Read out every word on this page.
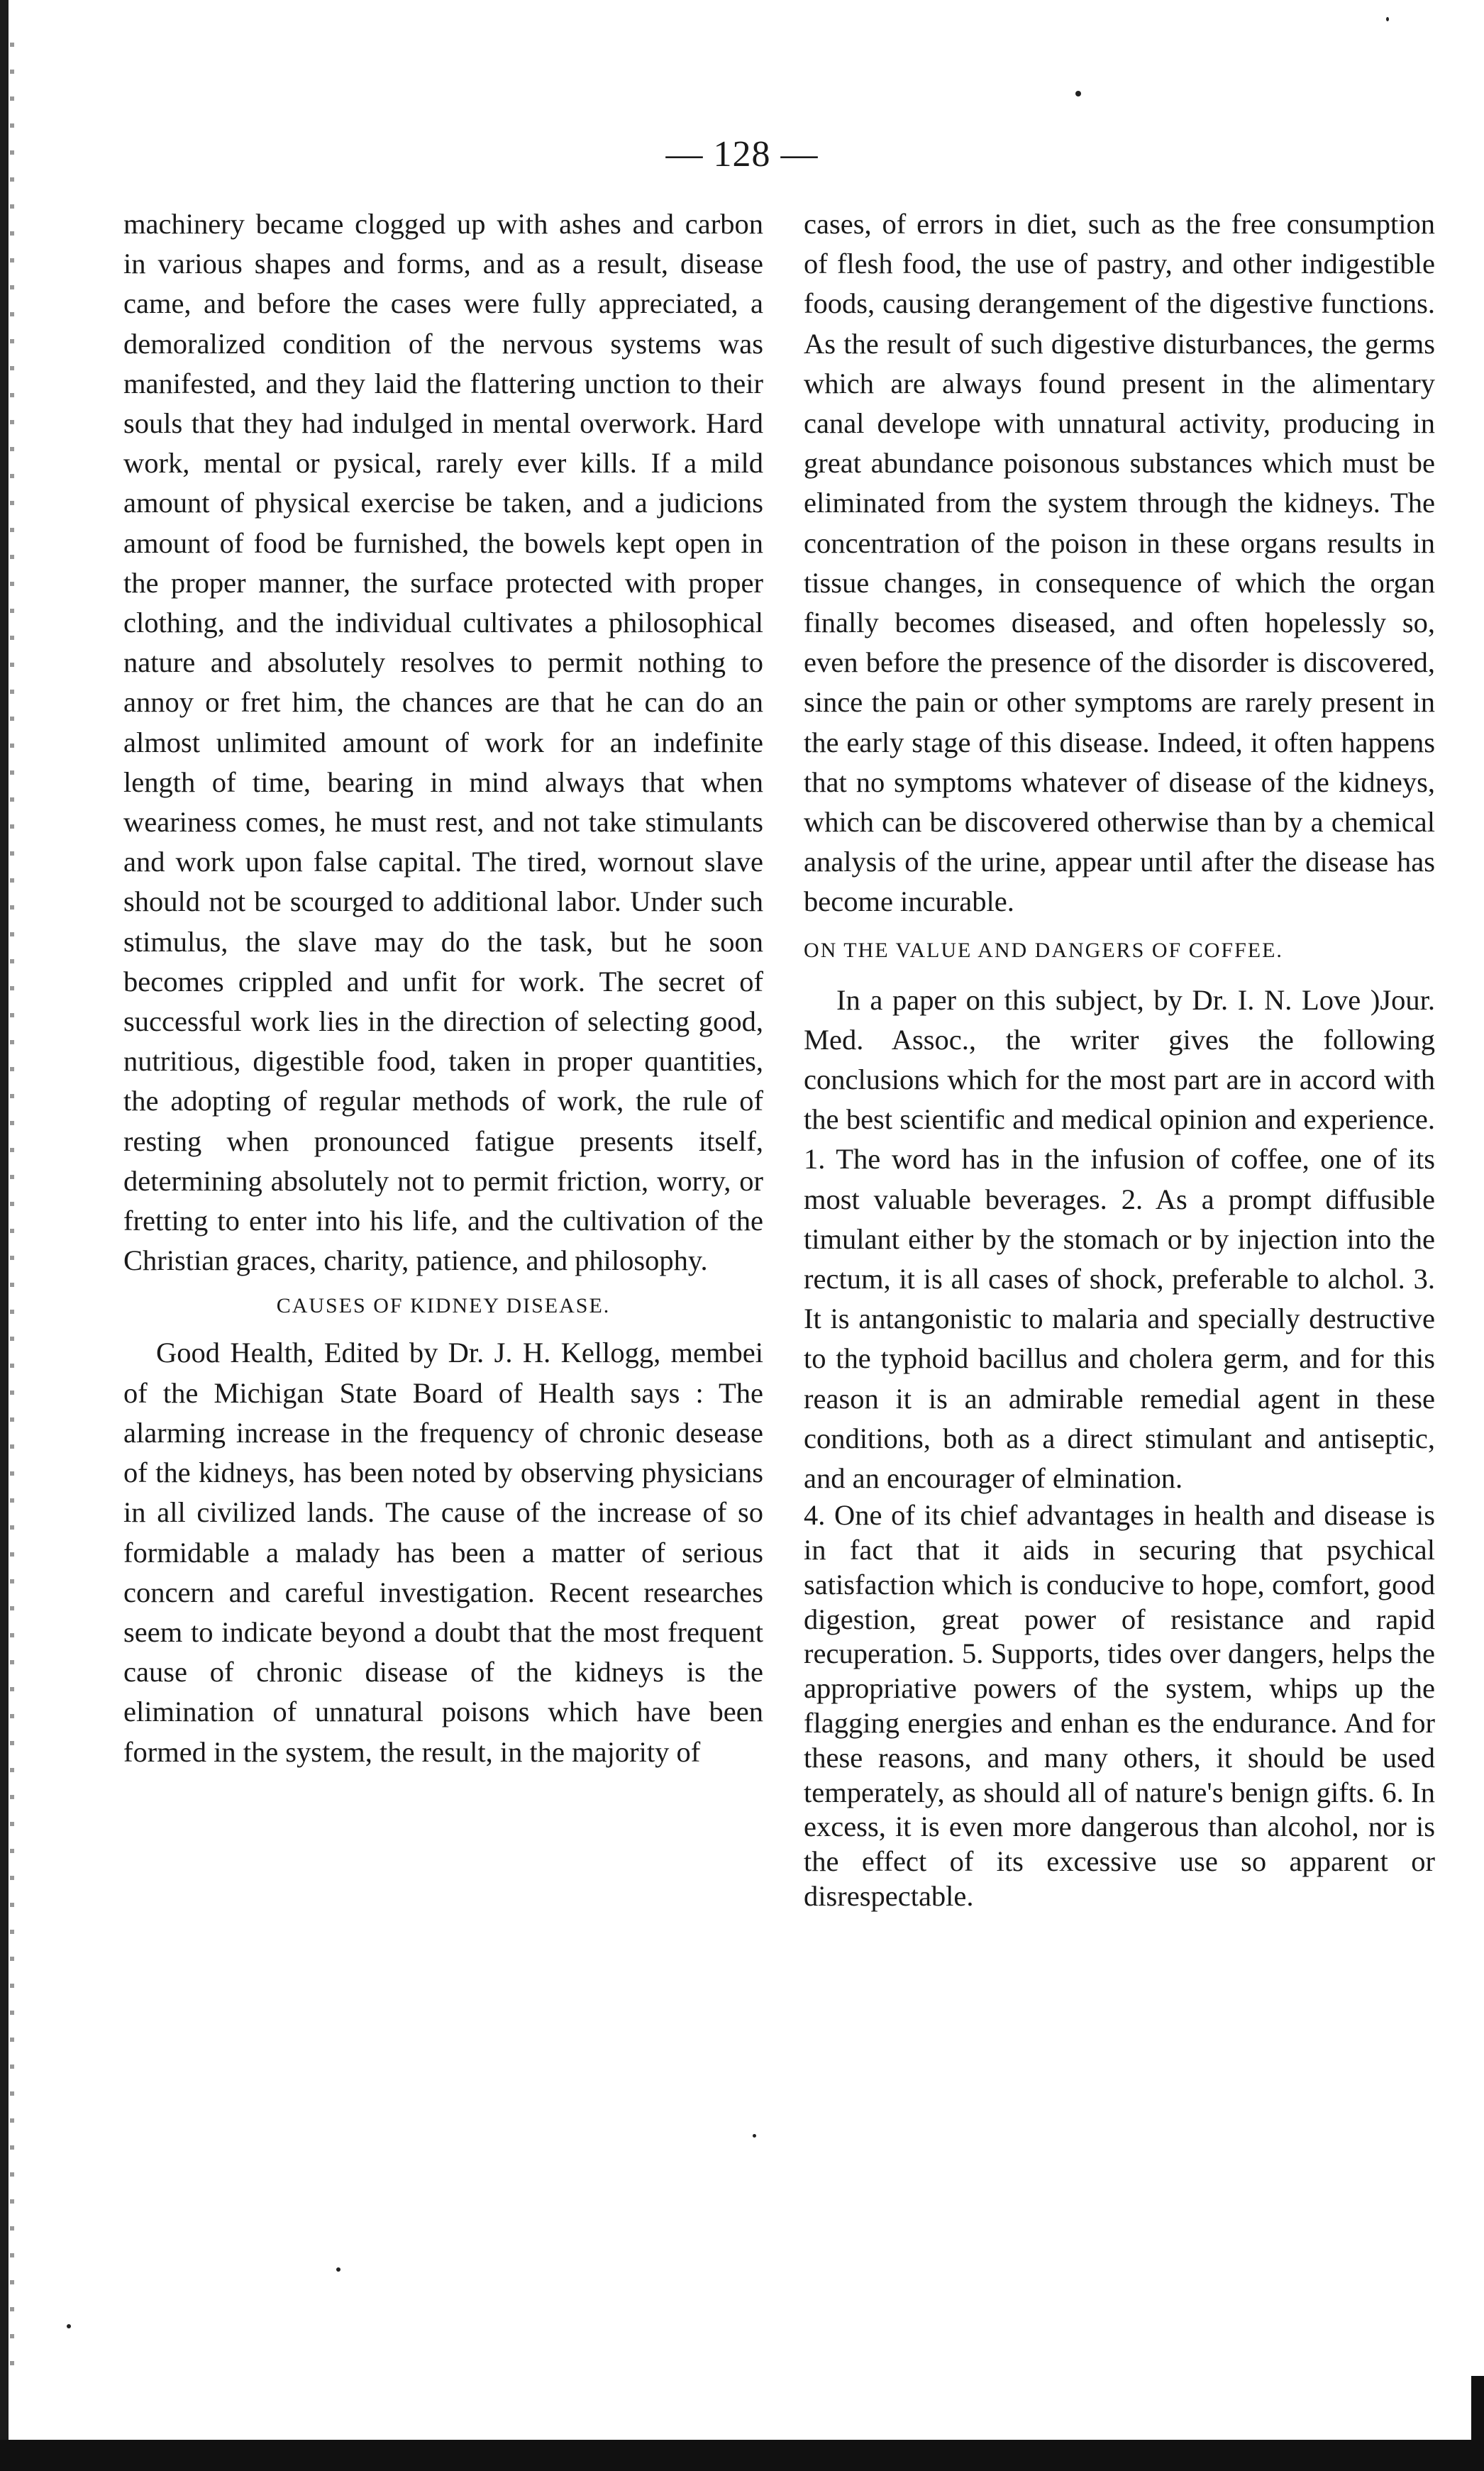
— 128 —

machinery became clogged up with ashes and carbon in various shapes and forms, and as a result, disease came, and before the cases were fully appreciated, a demoralized condition of the nervous systems was manifested, and they laid the flattering unction to their souls that they had indulged in mental overwork. Hard work, mental or pysical, rarely ever kills. If a mild amount of physical exercise be taken, and a judicions amount of food be furnished, the bowels kept open in the proper manner, the surface protected with proper clothing, and the individual cultivates a philosophical nature and absolutely resolves to permit nothing to annoy or fret him, the chances are that he can do an almost unlimited amount of work for an indefinite length of time, bearing in mind always that when weariness comes, he must rest, and not take stimulants and work upon false capital. The tired, wornout slave should not be scourged to additional labor. Under such stimulus, the slave may do the task, but he soon becomes crippled and unfit for work. The secret of successful work lies in the direction of selecting good, nutritious, digestible food, taken in proper quantities, the adopting of regular methods of work, the rule of resting when pronounced fatigue presents itself, determining absolutely not to permit friction, worry, or fretting to enter into his life, and the cultivation of the Christian graces, charity, patience, and philosophy.

CAUSES OF KIDNEY DISEASE.

Good Health, Edited by Dr. J. H. Kellogg, membei of the Michigan State Board of Health says : The alarming increase in the frequency of chronic desease of the kidneys, has been noted by observing physicians in all civilized lands. The cause of the increase of so formidable a malady has been a matter of serious concern and careful investigation. Recent researches seem to indicate beyond a doubt that the most frequent cause of chronic disease of the kidneys is the elimination of unnatural poisons which have been formed in the system, the result, in the majority of

cases, of errors in diet, such as the free consumption of flesh food, the use of pastry, and other indigestible foods, causing derangement of the digestive functions. As the result of such digestive disturbances, the germs which are always found present in the alimentary canal develope with unnatural activity, producing in great abundance poisonous substances which must be eliminated from the system through the kidneys. The concentration of the poison in these organs results in tissue changes, in consequence of which the organ finally becomes diseased, and often hopelessly so, even before the presence of the disorder is discovered, since the pain or other symptoms are rarely present in the early stage of this disease. Indeed, it often happens that no symptoms whatever of disease of the kidneys, which can be discovered otherwise than by a chemical analysis of the urine, appear until after the disease has become incurable.

ON THE VALUE AND DANGERS OF COFFEE.

In a paper on this subject, by Dr. I. N. Love )Jour. Med. Assoc., the writer gives the following conclusions which for the most part are in accord with the best scientific and medical opinion and experience. 1. The word has in the infusion of coffee, one of its most valuable beverages. 2. As a prompt diffusible timulant either by the stomach or by injection into the rectum, it is all cases of shock, preferable to alchol. 3. It is antangonistic to malaria and specially destructive to the typhoid bacillus and cholera germ, and for this reason it is an admirable remedial agent in these conditions, both as a direct stimulant and antiseptic, and an encourager of elmination.

4. One of its chief advantages in health and disease is in fact that it aids in securing that psychical satisfaction which is conducive to hope, comfort, good digestion, great power of resistance and rapid recuperation. 5. Supports, tides over dangers, helps the appropriative powers of the system, whips up the flagging energies and enhan es the endurance. And for these reasons, and many others, it should be used temperately, as should all of nature's benign gifts. 6. In excess, it is even more dangerous than alcohol, nor is the effect of its excessive use so apparent or disrespectable.
